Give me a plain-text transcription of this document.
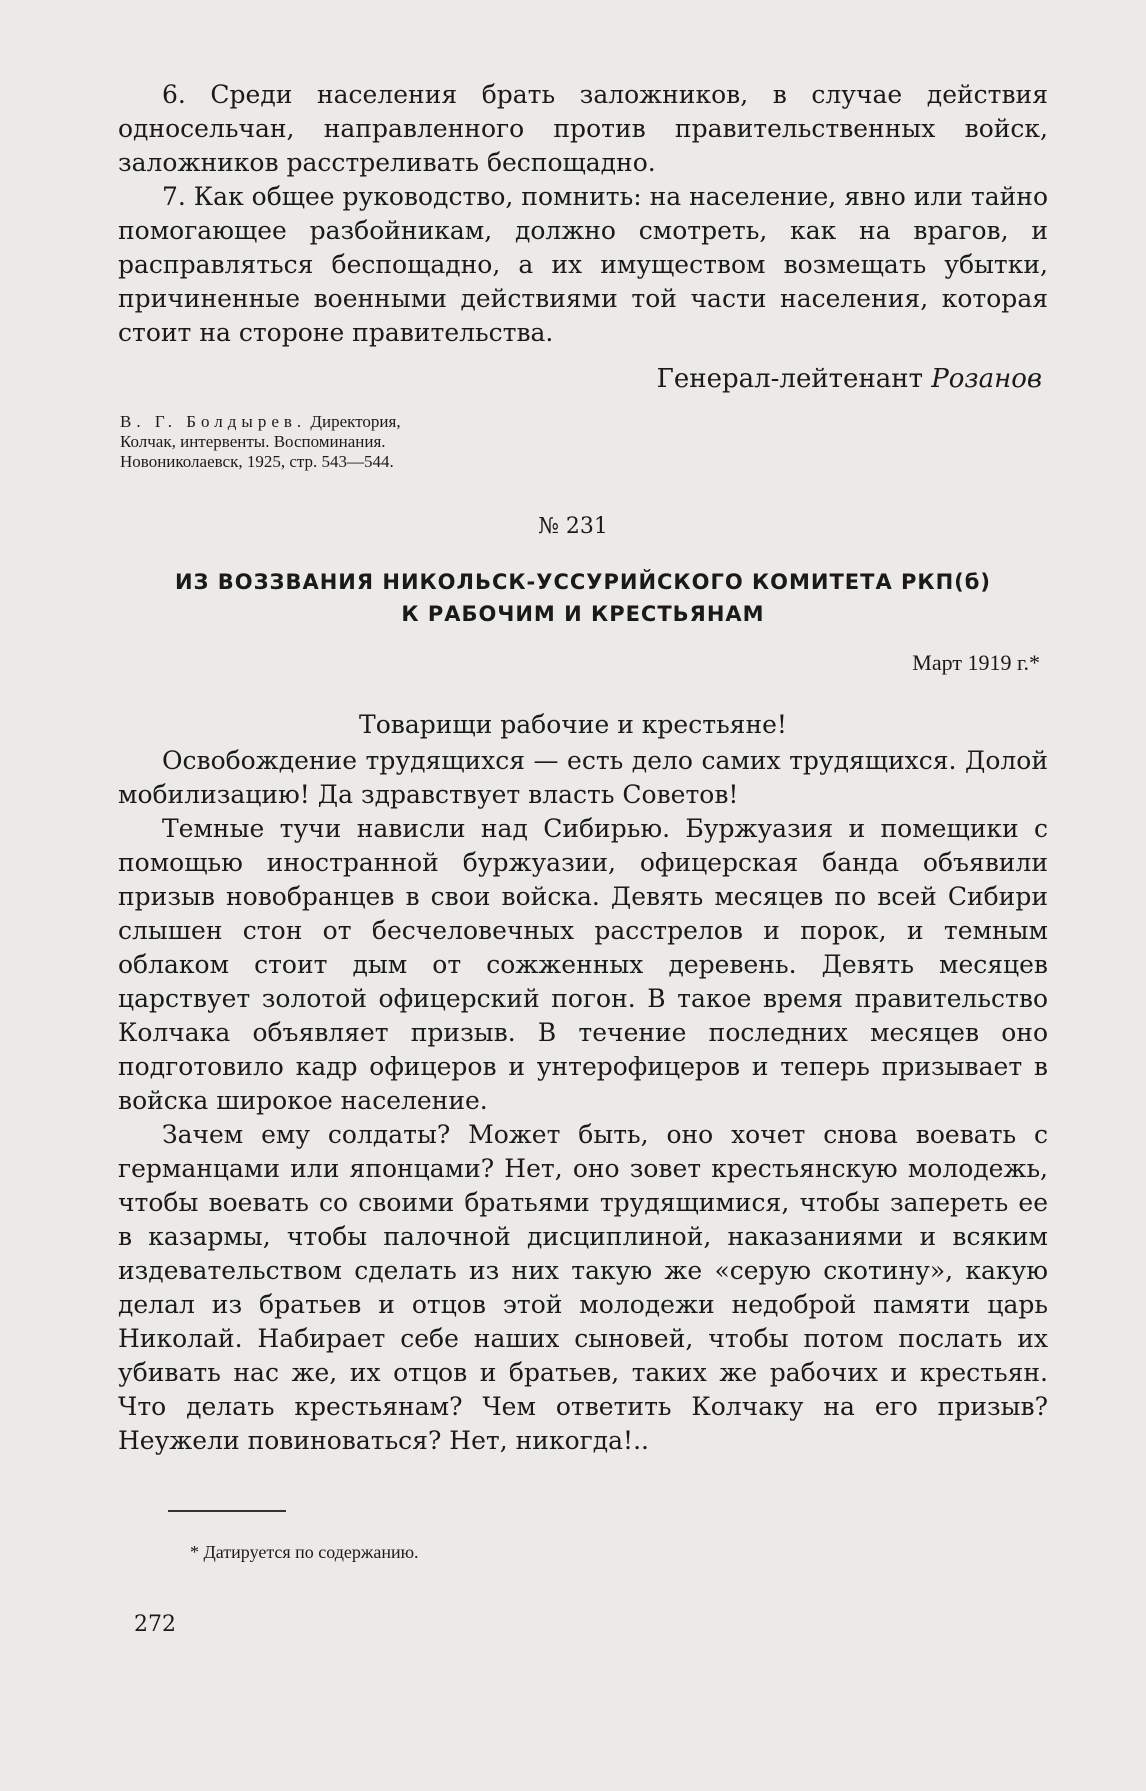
6. Среди населения брать заложников, в случае действия односельчан, направленного против правительственных войск, заложников расстреливать беспощадно.

7. Как общее руководство, помнить: на население, явно или тайно помогающее разбойникам, должно смотреть, как на врагов, и расправляться беспощадно, а их имуществом возмещать убытки, причиненные военными действиями той части населения, которая стоит на стороне правительства.

Генерал-лейтенант Розанов
В. Г. Болдырев. Директория,
Колчак, интервенты. Воспоминания.
Новониколаевск, 1925, стр. 543—544.
№ 231
ИЗ ВОЗЗВАНИЯ НИКОЛЬСК-УССУРИЙСКОГО КОМИТЕТА РКП(б)
К РАБОЧИМ И КРЕСТЬЯНАМ
Март 1919 г.*
Товарищи рабочие и крестьяне!

Освобождение трудящихся — есть дело самих трудящихся. Долой мобилизацию! Да здравствует власть Советов!

Темные тучи нависли над Сибирью. Буржуазия и помещики с помощью иностранной буржуазии, офицерская банда объявили призыв новобранцев в свои войска. Девять месяцев по всей Сибири слышен стон от бесчеловечных расстрелов и порок, и темным облаком стоит дым от сожженных деревень. Девять месяцев царствует золотой офицерский погон. В такое время правительство Колчака объявляет призыв. В течение последних месяцев оно подготовило кадр офицеров и унтерофицеров и теперь призывает в войска широкое население.

Зачем ему солдаты? Может быть, оно хочет снова воевать с германцами или японцами? Нет, оно зовет крестьянскую молодежь, чтобы воевать со своими братьями трудящимися, чтобы запереть ее в казармы, чтобы палочной дисциплиной, наказаниями и всяким издевательством сделать из них такую же «серую скотину», какую делал из братьев и отцов этой молодежи недоброй памяти царь Николай. Набирает себе наших сыновей, чтобы потом послать их убивать нас же, их отцов и братьев, таких же рабочих и крестьян. Что делать крестьянам? Чем ответить Колчаку на его призыв? Неужели повиноваться? Нет, никогда!..

* Датируется по содержанию.
272
